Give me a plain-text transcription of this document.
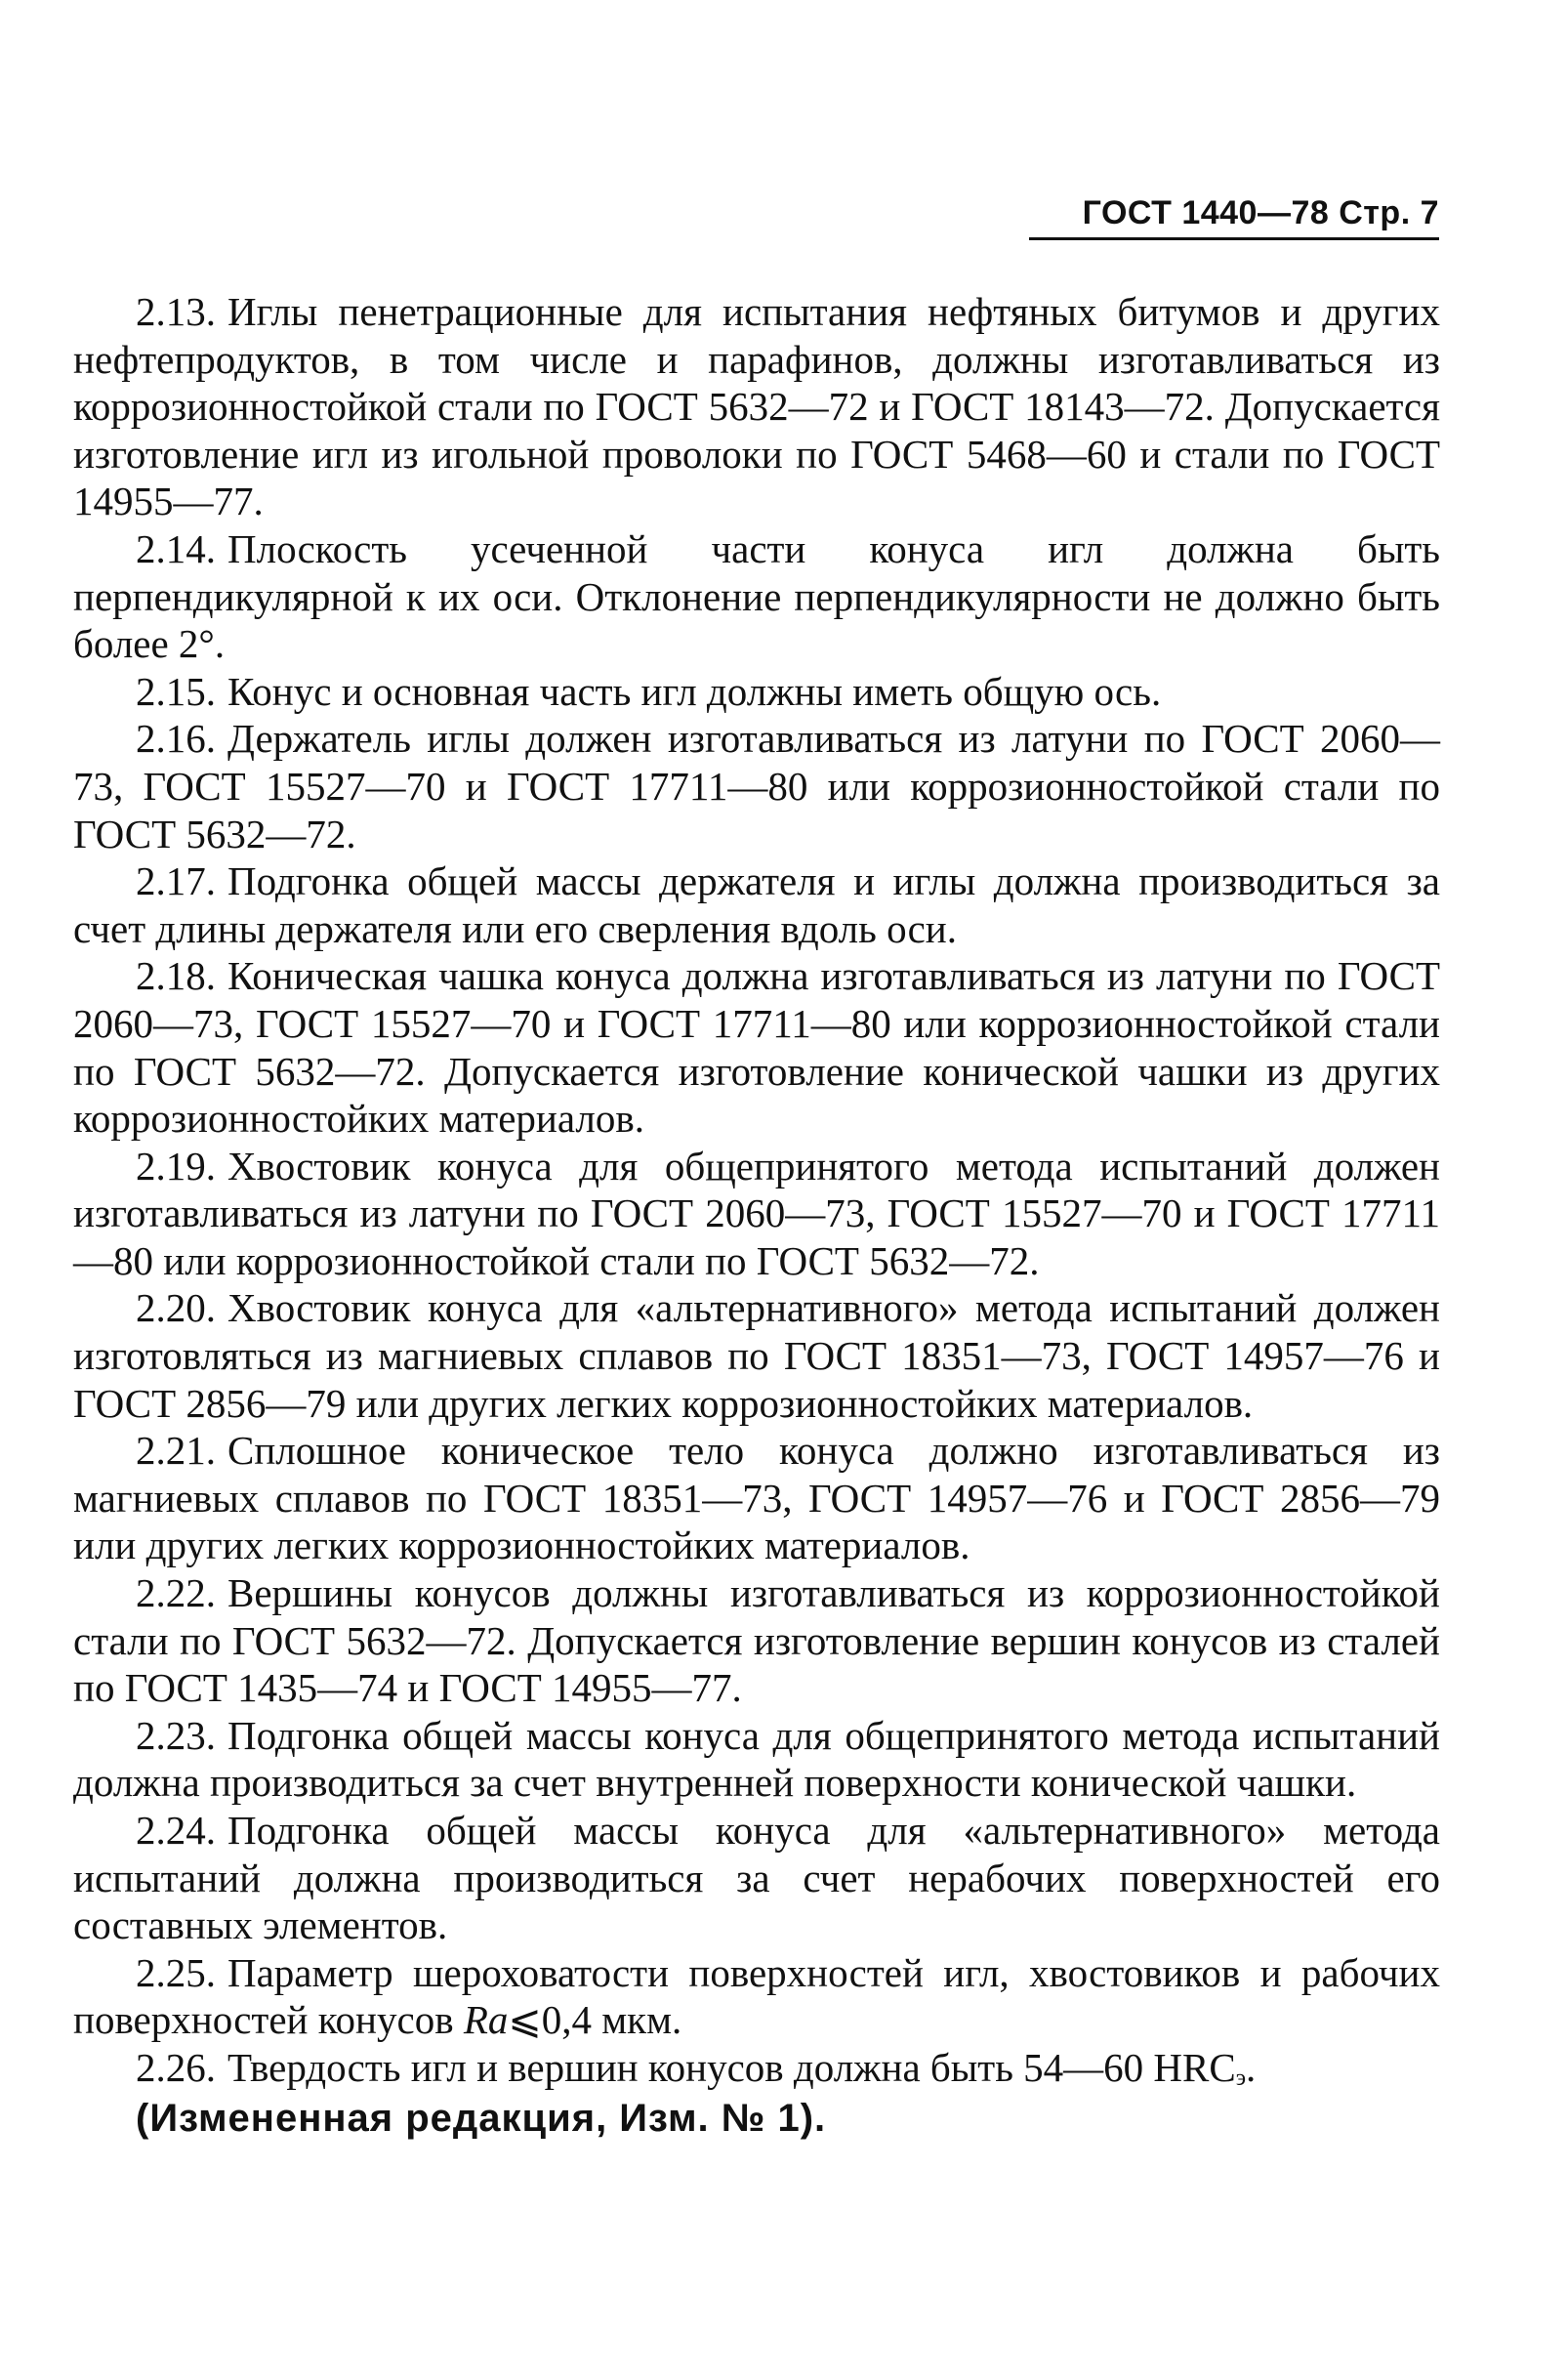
ГОСТ 1440—78 Стр. 7

2.13. Иглы пенетрационные для испытания нефтяных битумов и других нефтепродуктов, в том числе и парафинов, должны изготавливаться из коррозионностойкой стали по ГОСТ 5632—72 и ГОСТ 18143—72. Допускается изготовление игл из игольной проволоки по ГОСТ 5468—60 и стали по ГОСТ 14955—77.

2.14. Плоскость усеченной части конуса игл должна быть перпендикулярной к их оси. Отклонение перпендикулярности не должно быть более 2°.

2.15. Конус и основная часть игл должны иметь общую ось.

2.16. Держатель иглы должен изготавливаться из латуни по ГОСТ 2060—73, ГОСТ 15527—70 и ГОСТ 17711—80 или коррозионностойкой стали по ГОСТ 5632—72.

2.17. Подгонка общей массы держателя и иглы должна производиться за счет длины держателя или его сверления вдоль оси.

2.18. Коническая чашка конуса должна изготавливаться из латуни по ГОСТ 2060—73, ГОСТ 15527—70 и ГОСТ 17711—80 или коррозионностойкой стали по ГОСТ 5632—72. Допускается изготовление конической чашки из других коррозионностойких материалов.

2.19. Хвостовик конуса для общепринятого метода испытаний должен изготавливаться из латуни по ГОСТ 2060—73, ГОСТ 15527—70 и ГОСТ 17711—80 или коррозионностойкой стали по ГОСТ 5632—72.

2.20. Хвостовик конуса для «альтернативного» метода испытаний должен изготовляться из магниевых сплавов по ГОСТ 18351—73, ГОСТ 14957—76 и ГОСТ 2856—79 или других легких коррозионностойких материалов.

2.21. Сплошное коническое тело конуса должно изготавливаться из магниевых сплавов по ГОСТ 18351—73, ГОСТ 14957—76 и ГОСТ 2856—79 или других легких коррозионностойких материалов.

2.22. Вершины конусов должны изготавливаться из коррозионностойкой стали по ГОСТ 5632—72. Допускается изготовление вершин конусов из сталей по ГОСТ 1435—74 и ГОСТ 14955—77.

2.23. Подгонка общей массы конуса для общепринятого метода испытаний должна производиться за счет внутренней поверхности конической чашки.

2.24. Подгонка общей массы конуса для «альтернативного» метода испытаний должна производиться за счет нерабочих поверхностей его составных элементов.

2.25. Параметр шероховатости поверхностей игл, хвостовиков и рабочих поверхностей конусов Ra⩽0,4 мкм.

2.26. Твердость игл и вершин конусов должна быть 54—60 $HRC_э$.

(Измененная редакция, Изм. № 1).
